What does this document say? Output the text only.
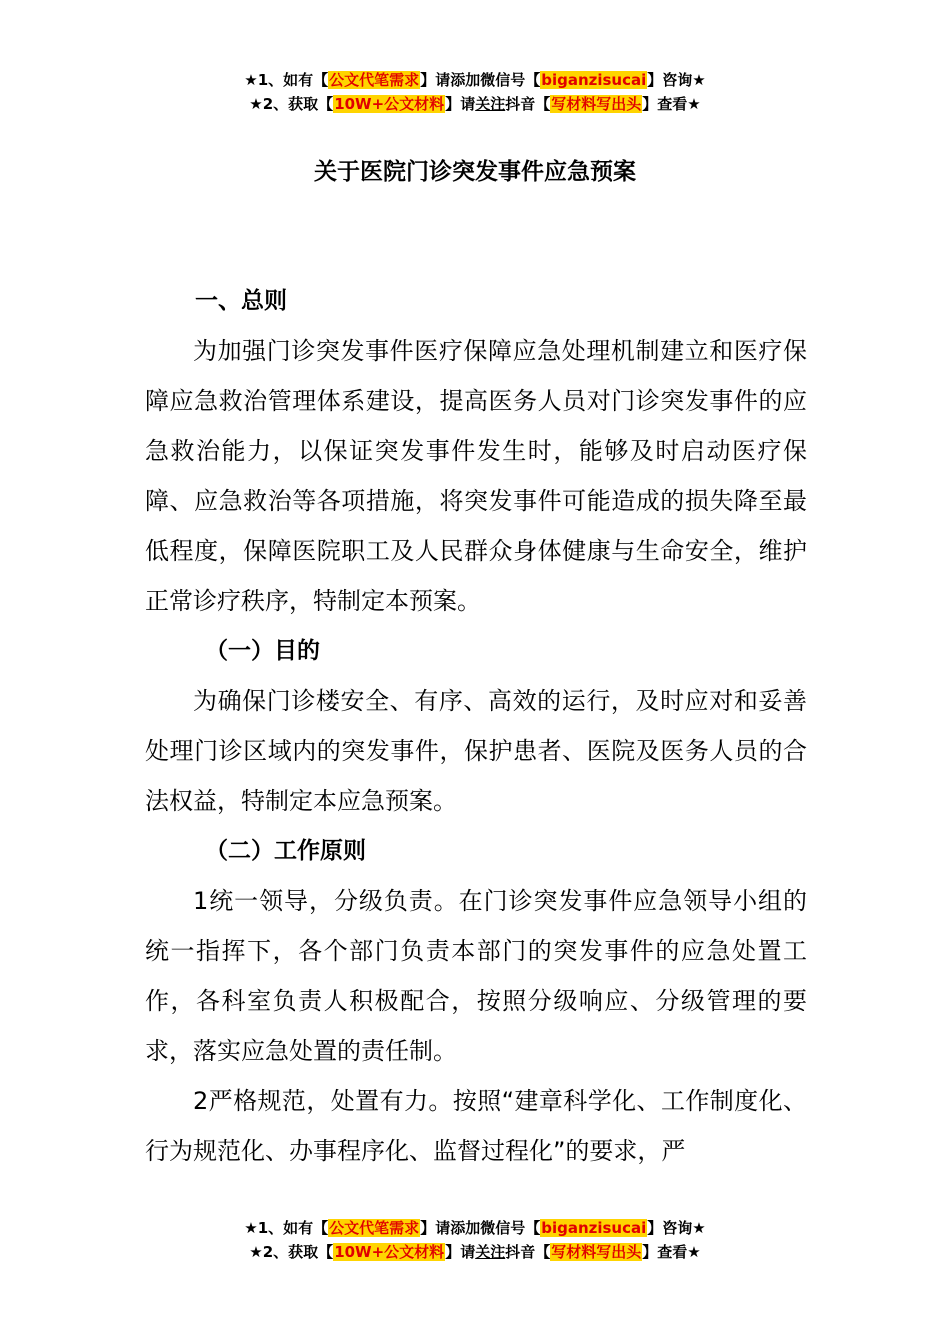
★1、如有【公文代笔需求】请添加微信号【biganzisucai】咨询★
★2、获取【10W+公文材料】请关注抖音【写材料写出头】查看★
关于医院门诊突发事件应急预案
一、总则

为加强门诊突发事件医疗保障应急处理机制建立和医疗保障应急救治管理体系建设，提高医务人员对门诊突发事件的应急救治能力，以保证突发事件发生时，能够及时启动医疗保障、应急救治等各项措施，将突发事件可能造成的损失降至最低程度，保障医院职工及人民群众身体健康与生命安全，维护正常诊疗秩序，特制定本预案。

（一）目的

为确保门诊楼安全、有序、高效的运行，及时应对和妥善处理门诊区域内的突发事件，保护患者、医院及医务人员的合法权益，特制定本应急预案。

（二）工作原则

1统一领导，分级负责。在门诊突发事件应急领导小组的统一指挥下，各个部门负责本部门的突发事件的应急处置工作，各科室负责人积极配合，按照分级响应、分级管理的要求，落实应急处置的责任制。

2严格规范，处置有力。按照“建章科学化、工作制度化、行为规范化、办事程序化、监督过程化”的要求，严

★1、如有【公文代笔需求】请添加微信号【biganzisucai】咨询★
★2、获取【10W+公文材料】请关注抖音【写材料写出头】查看★
